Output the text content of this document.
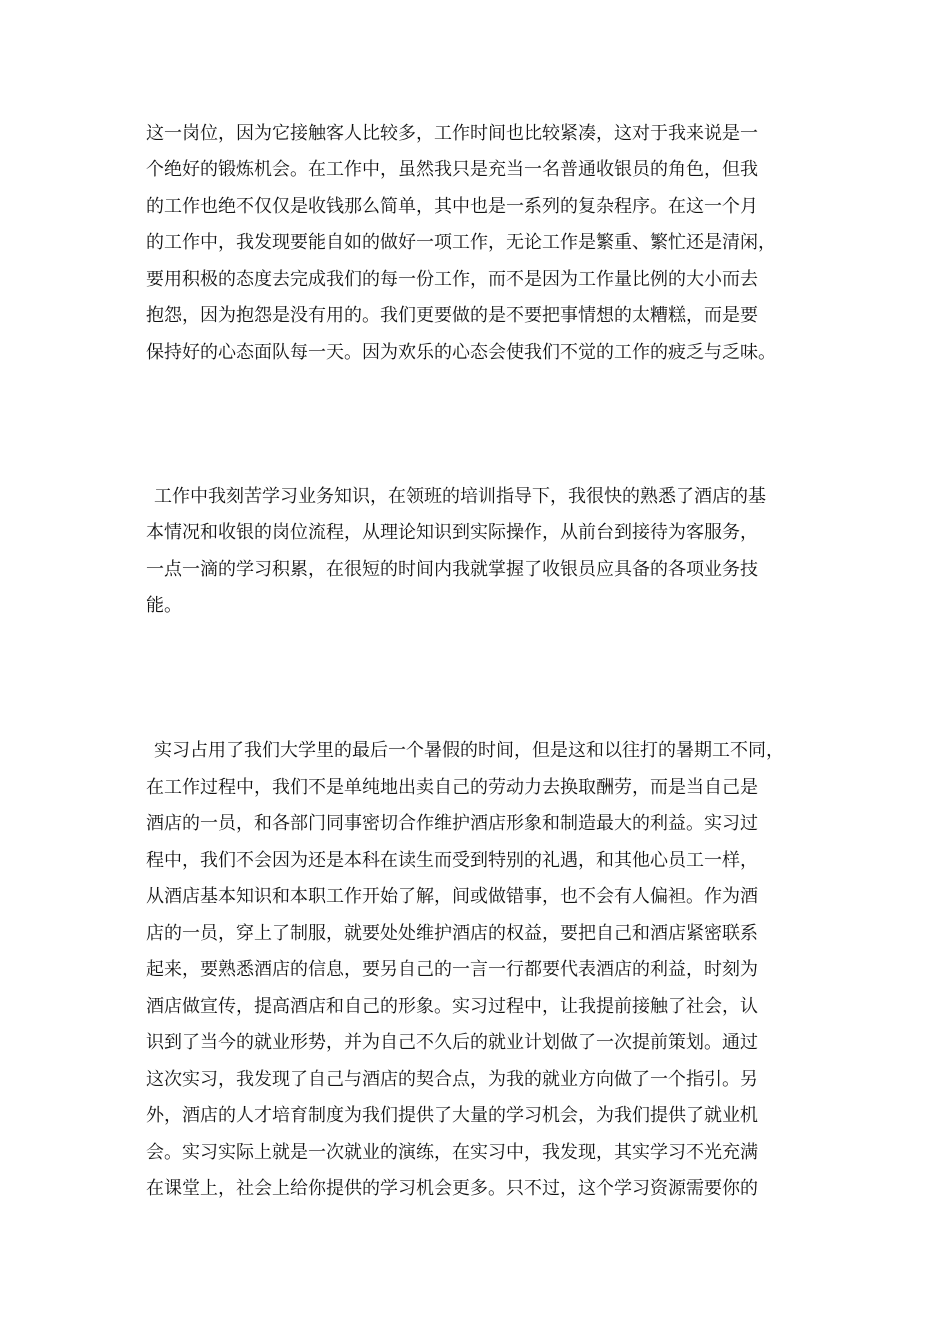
这一岗位，因为它接触客人比较多，工作时间也比较紧凑，这对于我来说是一

个绝好的锻炼机会。在工作中，虽然我只是充当一名普通收银员的角色，但我

的工作也绝不仅仅是收钱那么简单，其中也是一系列的复杂程序。在这一个月

的工作中，我发现要能自如的做好一项工作，无论工作是繁重、繁忙还是清闲，

要用积极的态度去完成我们的每一份工作，而不是因为工作量比例的大小而去

抱怨，因为抱怨是没有用的。我们更要做的是不要把事情想的太糟糕，而是要

保持好的心态面队每一天。因为欢乐的心态会使我们不觉的工作的疲乏与乏味。

工作中我刻苦学习业务知识，在领班的培训指导下，我很快的熟悉了酒店的基

本情况和收银的岗位流程，从理论知识到实际操作，从前台到接待为客服务，

一点一滴的学习积累，在很短的时间内我就掌握了收银员应具备的各项业务技

能。

实习占用了我们大学里的最后一个暑假的时间，但是这和以往打的暑期工不同，

在工作过程中，我们不是单纯地出卖自己的劳动力去换取酬劳，而是当自己是

酒店的一员，和各部门同事密切合作维护酒店形象和制造最大的利益。实习过

程中，我们不会因为还是本科在读生而受到特别的礼遇，和其他心员工一样，

从酒店基本知识和本职工作开始了解，间或做错事，也不会有人偏袒。作为酒

店的一员，穿上了制服，就要处处维护酒店的权益，要把自己和酒店紧密联系

起来，要熟悉酒店的信息，要另自己的一言一行都要代表酒店的利益，时刻为

酒店做宣传，提高酒店和自己的形象。实习过程中，让我提前接触了社会，认

识到了当今的就业形势，并为自己不久后的就业计划做了一次提前策划。通过

这次实习，我发现了自己与酒店的契合点，为我的就业方向做了一个指引。另

外，酒店的人才培育制度为我们提供了大量的学习机会，为我们提供了就业机

会。实习实际上就是一次就业的演练，在实习中，我发现，其实学习不光充满

在课堂上，社会上给你提供的学习机会更多。只不过，这个学习资源需要你的
